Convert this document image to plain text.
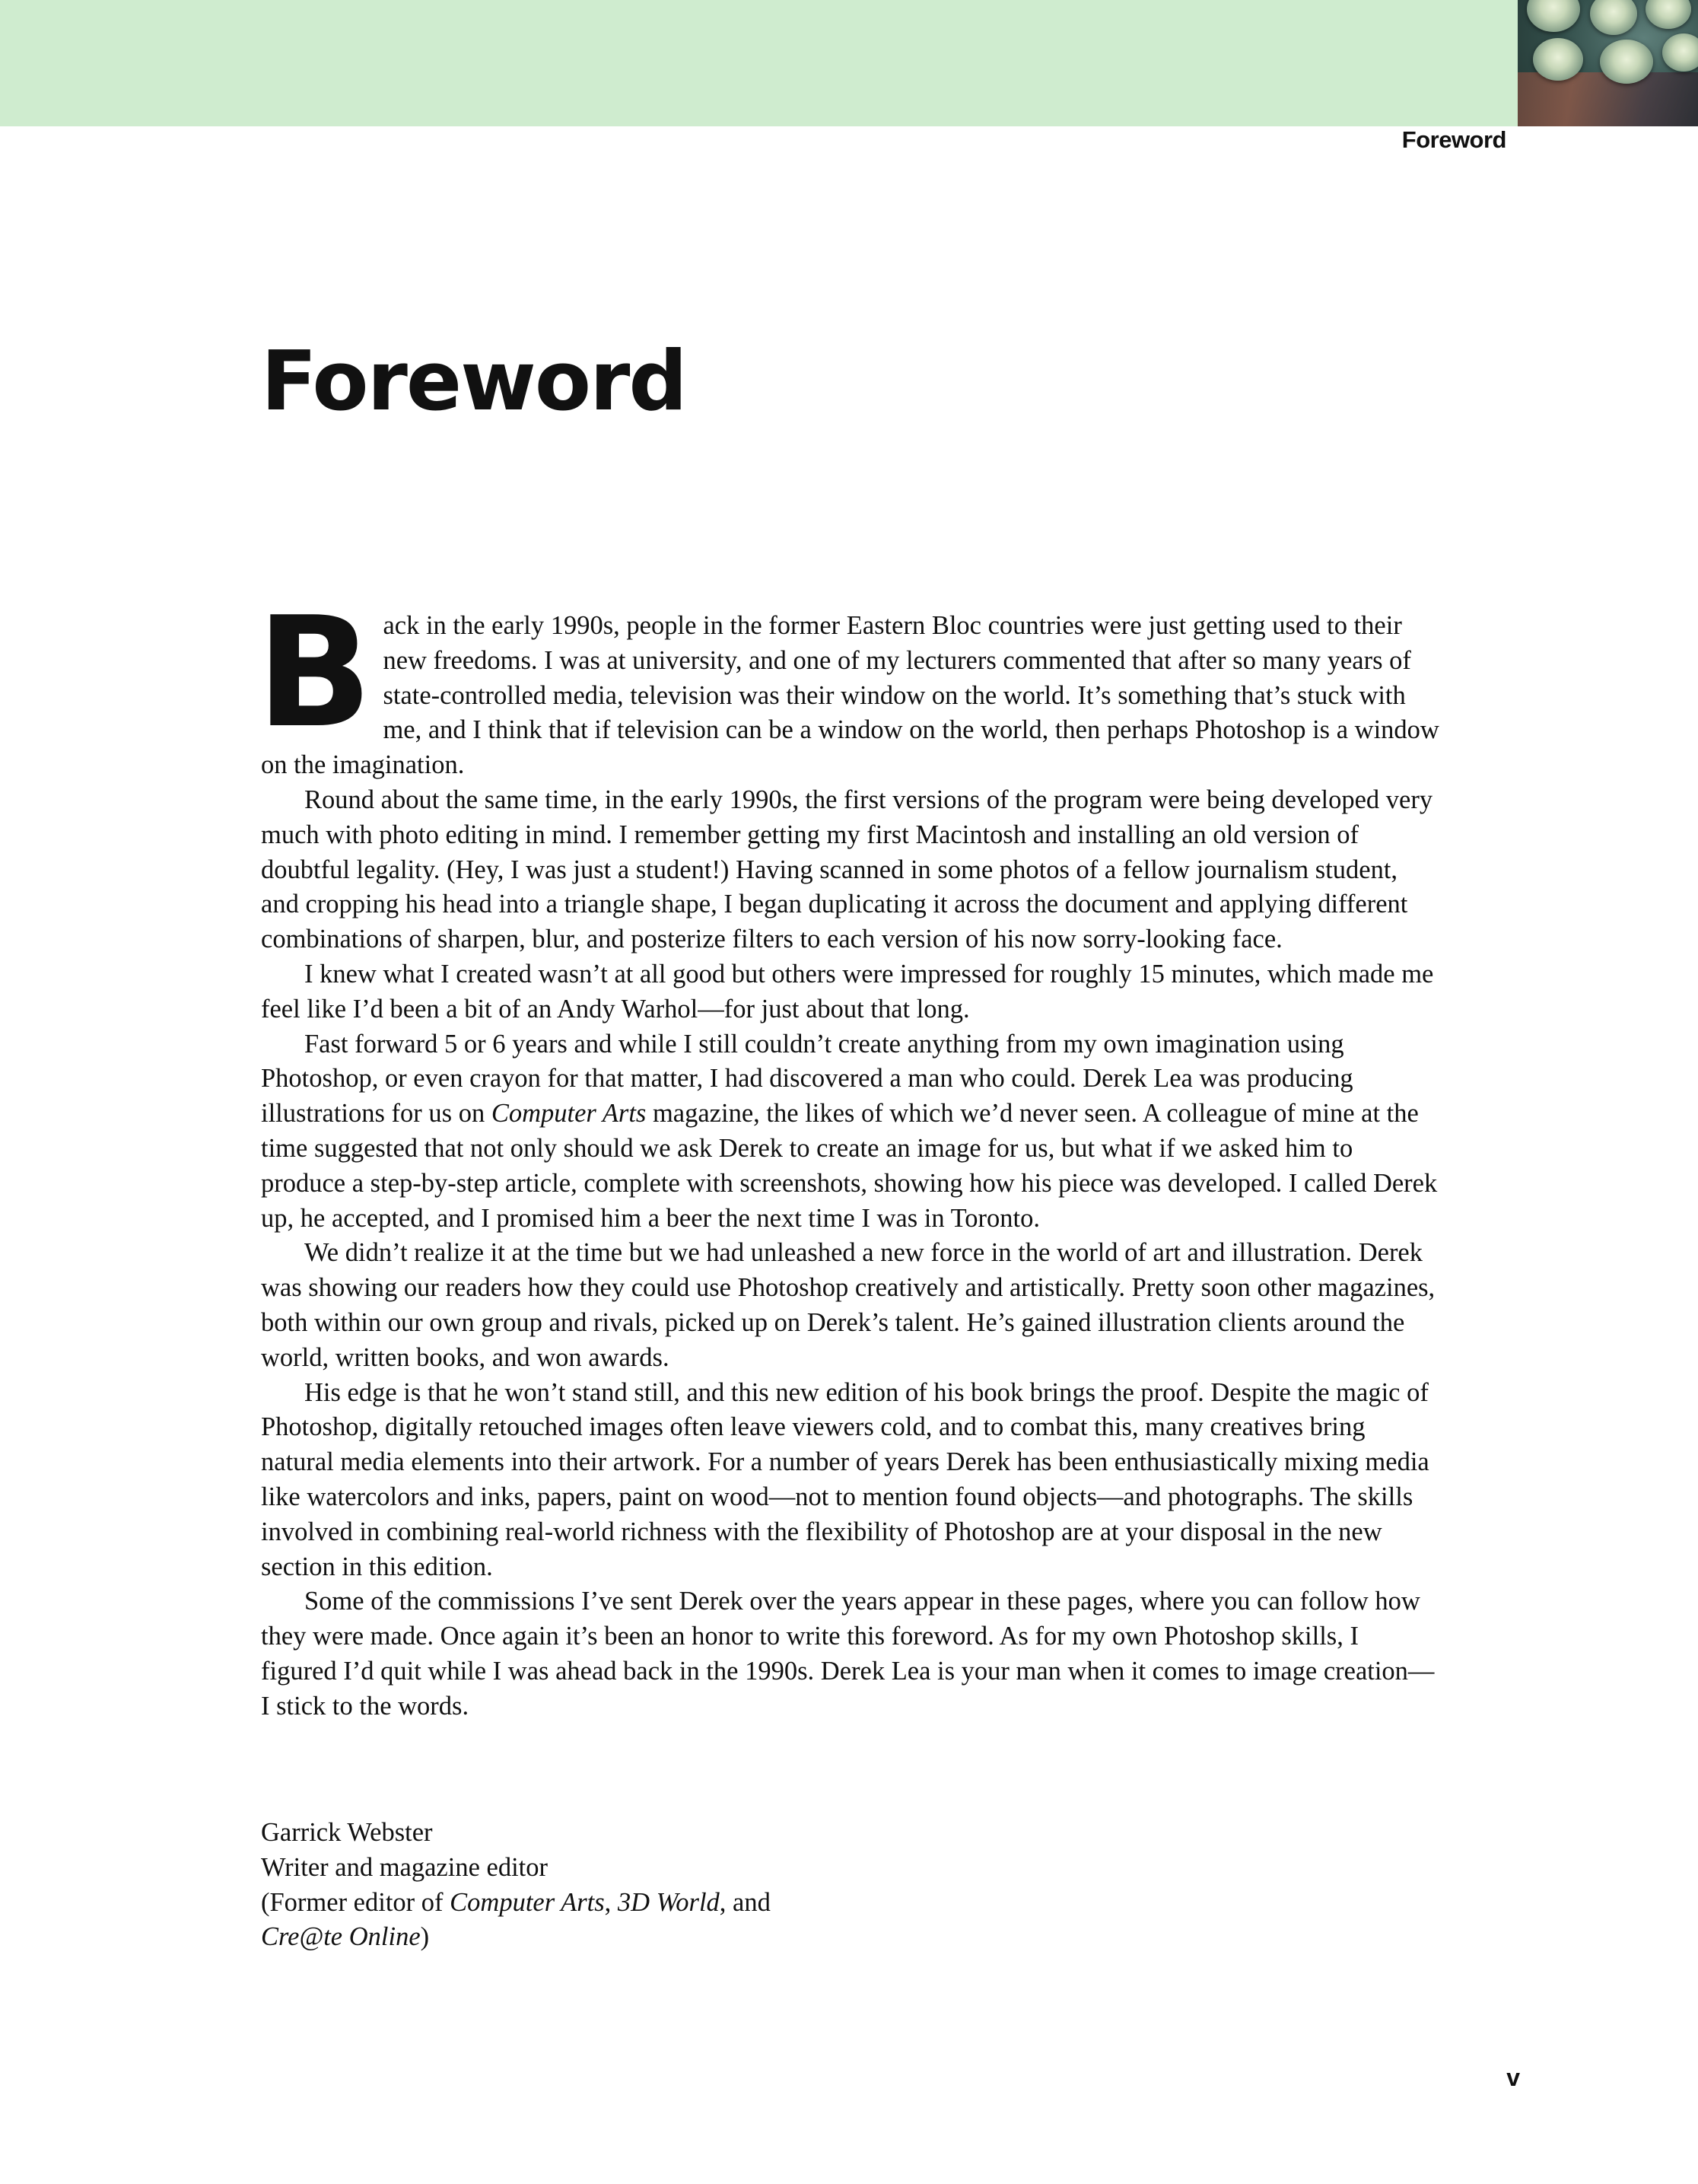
Foreword
Foreword

Back in the early 1990s, people in the former Eastern Bloc countries were just getting used to their new freedoms. I was at university, and one of my lecturers commented that after so many years of state-controlled media, television was their window on the world. It’s something that’s stuck with me, and I think that if television can be a window on the world, then perhaps Photoshop is a window on the imagination.

Round about the same time, in the early 1990s, the first versions of the program were being developed very much with photo editing in mind. I remember getting my first Macintosh and installing an old version of doubtful legality. (Hey, I was just a student!) Having scanned in some photos of a fellow journalism student, and cropping his head into a triangle shape, I began duplicating it across the document and applying different combinations of sharpen, blur, and posterize filters to each version of his now sorry-looking face.

I knew what I created wasn’t at all good but others were impressed for roughly 15 minutes, which made me feel like I’d been a bit of an Andy Warhol—for just about that long.

Fast forward 5 or 6 years and while I still couldn’t create anything from my own imagination using Photoshop, or even crayon for that matter, I had discovered a man who could. Derek Lea was producing illustrations for us on Computer Arts magazine, the likes of which we’d never seen. A colleague of mine at the time suggested that not only should we ask Derek to create an image for us, but what if we asked him to produce a step-by-step article, complete with screenshots, showing how his piece was developed. I called Derek up, he accepted, and I promised him a beer the next time I was in Toronto.

We didn’t realize it at the time but we had unleashed a new force in the world of art and illustration. Derek was showing our readers how they could use Photoshop creatively and artistically. Pretty soon other magazines, both within our own group and rivals, picked up on Derek’s talent. He’s gained illustration clients around the world, written books, and won awards.

His edge is that he won’t stand still, and this new edition of his book brings the proof. Despite the magic of Photoshop, digitally retouched images often leave viewers cold, and to combat this, many creatives bring natural media elements into their artwork. For a number of years Derek has been enthusiastically mixing media like watercolors and inks, papers, paint on wood—not to mention found objects—and photographs. The skills involved in combining real-world richness with the flexibility of Photoshop are at your disposal in the new section in this edition.

Some of the commissions I’ve sent Derek over the years appear in these pages, where you can follow how they were made. Once again it’s been an honor to write this foreword. As for my own Photoshop skills, I figured I’d quit while I was ahead back in the 1990s. Derek Lea is your man when it comes to image creation—I stick to the words.

Garrick Webster
Writer and magazine editor
(Former editor of Computer Arts, 3D World, and
Cre@te Online)
v
